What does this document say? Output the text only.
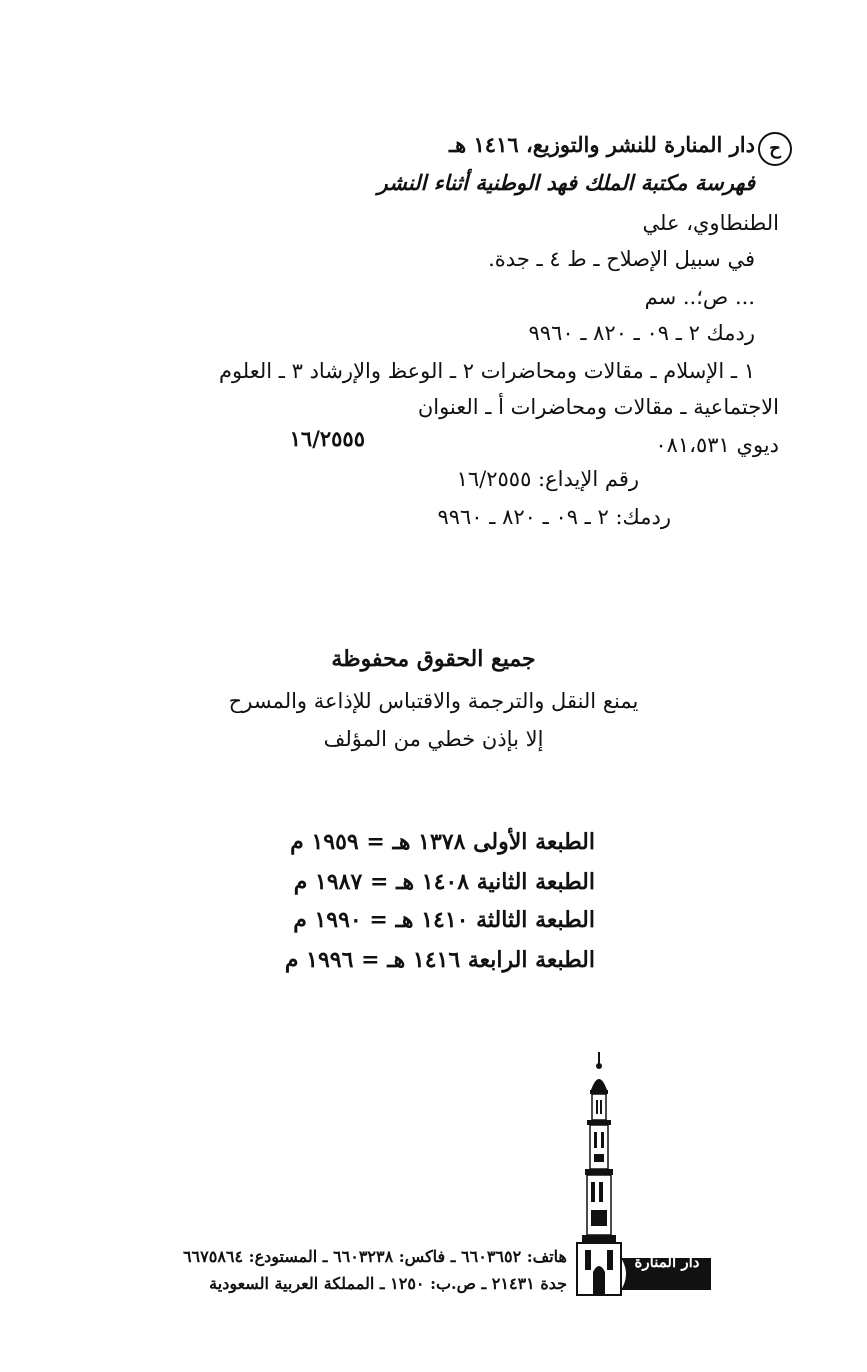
ح
دار المنارة للنشر والتوزيع، ١٤١٦ هـ
فهرسة مكتبة الملك فهد الوطنية أثناء النشر
الطنطاوي، علي
في سبيل الإصلاح ـ ط ٤ ـ جدة.
... ص؛.. سم
ردمك ٢ ـ ٠٩ ـ ٨٢٠ ـ ٩٩٦٠
١ ـ الإسلام ـ مقالات ومحاضرات ٢ ـ الوعظ والإرشاد ٣ ـ العلوم
الاجتماعية ـ مقالات ومحاضرات أ ـ العنوان
ديوي ٠٨١،٥٣١
١٦/٢٥٥٥
رقم الإيداع: ١٦/٢٥٥٥
ردمك: ٢ ـ ٠٩ ـ ٨٢٠ ـ ٩٩٦٠
جميع الحقوق محفوظة
يمنع النقل والترجمة والاقتباس للإذاعة والمسرح
إلا بإذن خطي من المؤلف
الطبعة الأولى ١٣٧٨ هـ = ١٩٥٩ م
الطبعة الثانية ١٤٠٨ هـ = ١٩٨٧ م
الطبعة الثالثة ١٤١٠ هـ = ١٩٩٠ م
الطبعة الرابعة ١٤١٦ هـ = ١٩٩٦ م
دار المنارة
هاتف: ٦٦٠٣٦٥٢ ـ فاكس: ٦٦٠٣٢٣٨ ـ المستودع: ٦٦٧٥٨٦٤
جدة ٢١٤٣١ ـ ص.ب: ١٢٥٠ ـ المملكة العربية السعودية
